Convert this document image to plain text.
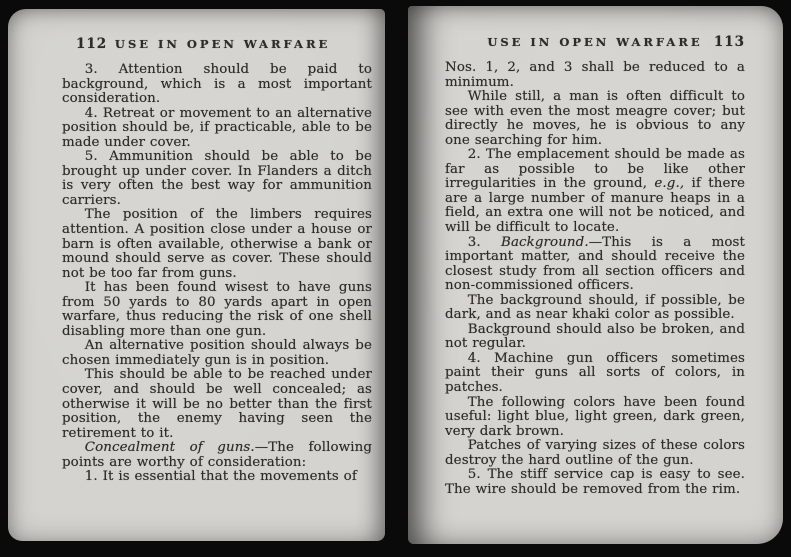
112 USE IN OPEN WARFARE

3. Attention should be paid to background, which is a most important consideration.

4. Retreat or movement to an alternative position should be, if practicable, able to be made under cover.

5. Ammunition should be able to be brought up under cover. In Flanders a ditch is very often the best way for ammunition carriers.

The position of the limbers requires attention. A position close under a house or barn is often available, otherwise a bank or mound should serve as cover. These should not be too far from guns.

It has been found wisest to have guns from 50 yards to 80 yards apart in open warfare, thus reducing the risk of one shell disabling more than one gun.

An alternative position should always be chosen immediately gun is in position.

This should be able to be reached under cover, and should be well concealed; as otherwise it will be no better than the first position, the enemy having seen the retirement to it.

Concealment of guns.—The following points are worthy of consideration:

1. It is essential that the movements of

USE IN OPEN WARFARE 113

Nos. 1, 2, and 3 shall be reduced to a minimum.

While still, a man is often difficult to see with even the most meagre cover; but directly he moves, he is obvious to any one searching for him.

2. The emplacement should be made as far as possible to be like other irregularities in the ground, e.g., if there are a large number of manure heaps in a field, an extra one will not be noticed, and will be difficult to locate.

3. Background.—This is a most important matter, and should receive the closest study from all section officers and non-commissioned officers.

The background should, if possible, be dark, and as near khaki color as possible.

Background should also be broken, and not regular.

4. Machine gun officers sometimes paint their guns all sorts of colors, in patches.

The following colors have been found useful: light blue, light green, dark green, very dark brown.

Patches of varying sizes of these colors destroy the hard outline of the gun.

5. The stiff service cap is easy to see. The wire should be removed from the rim.
